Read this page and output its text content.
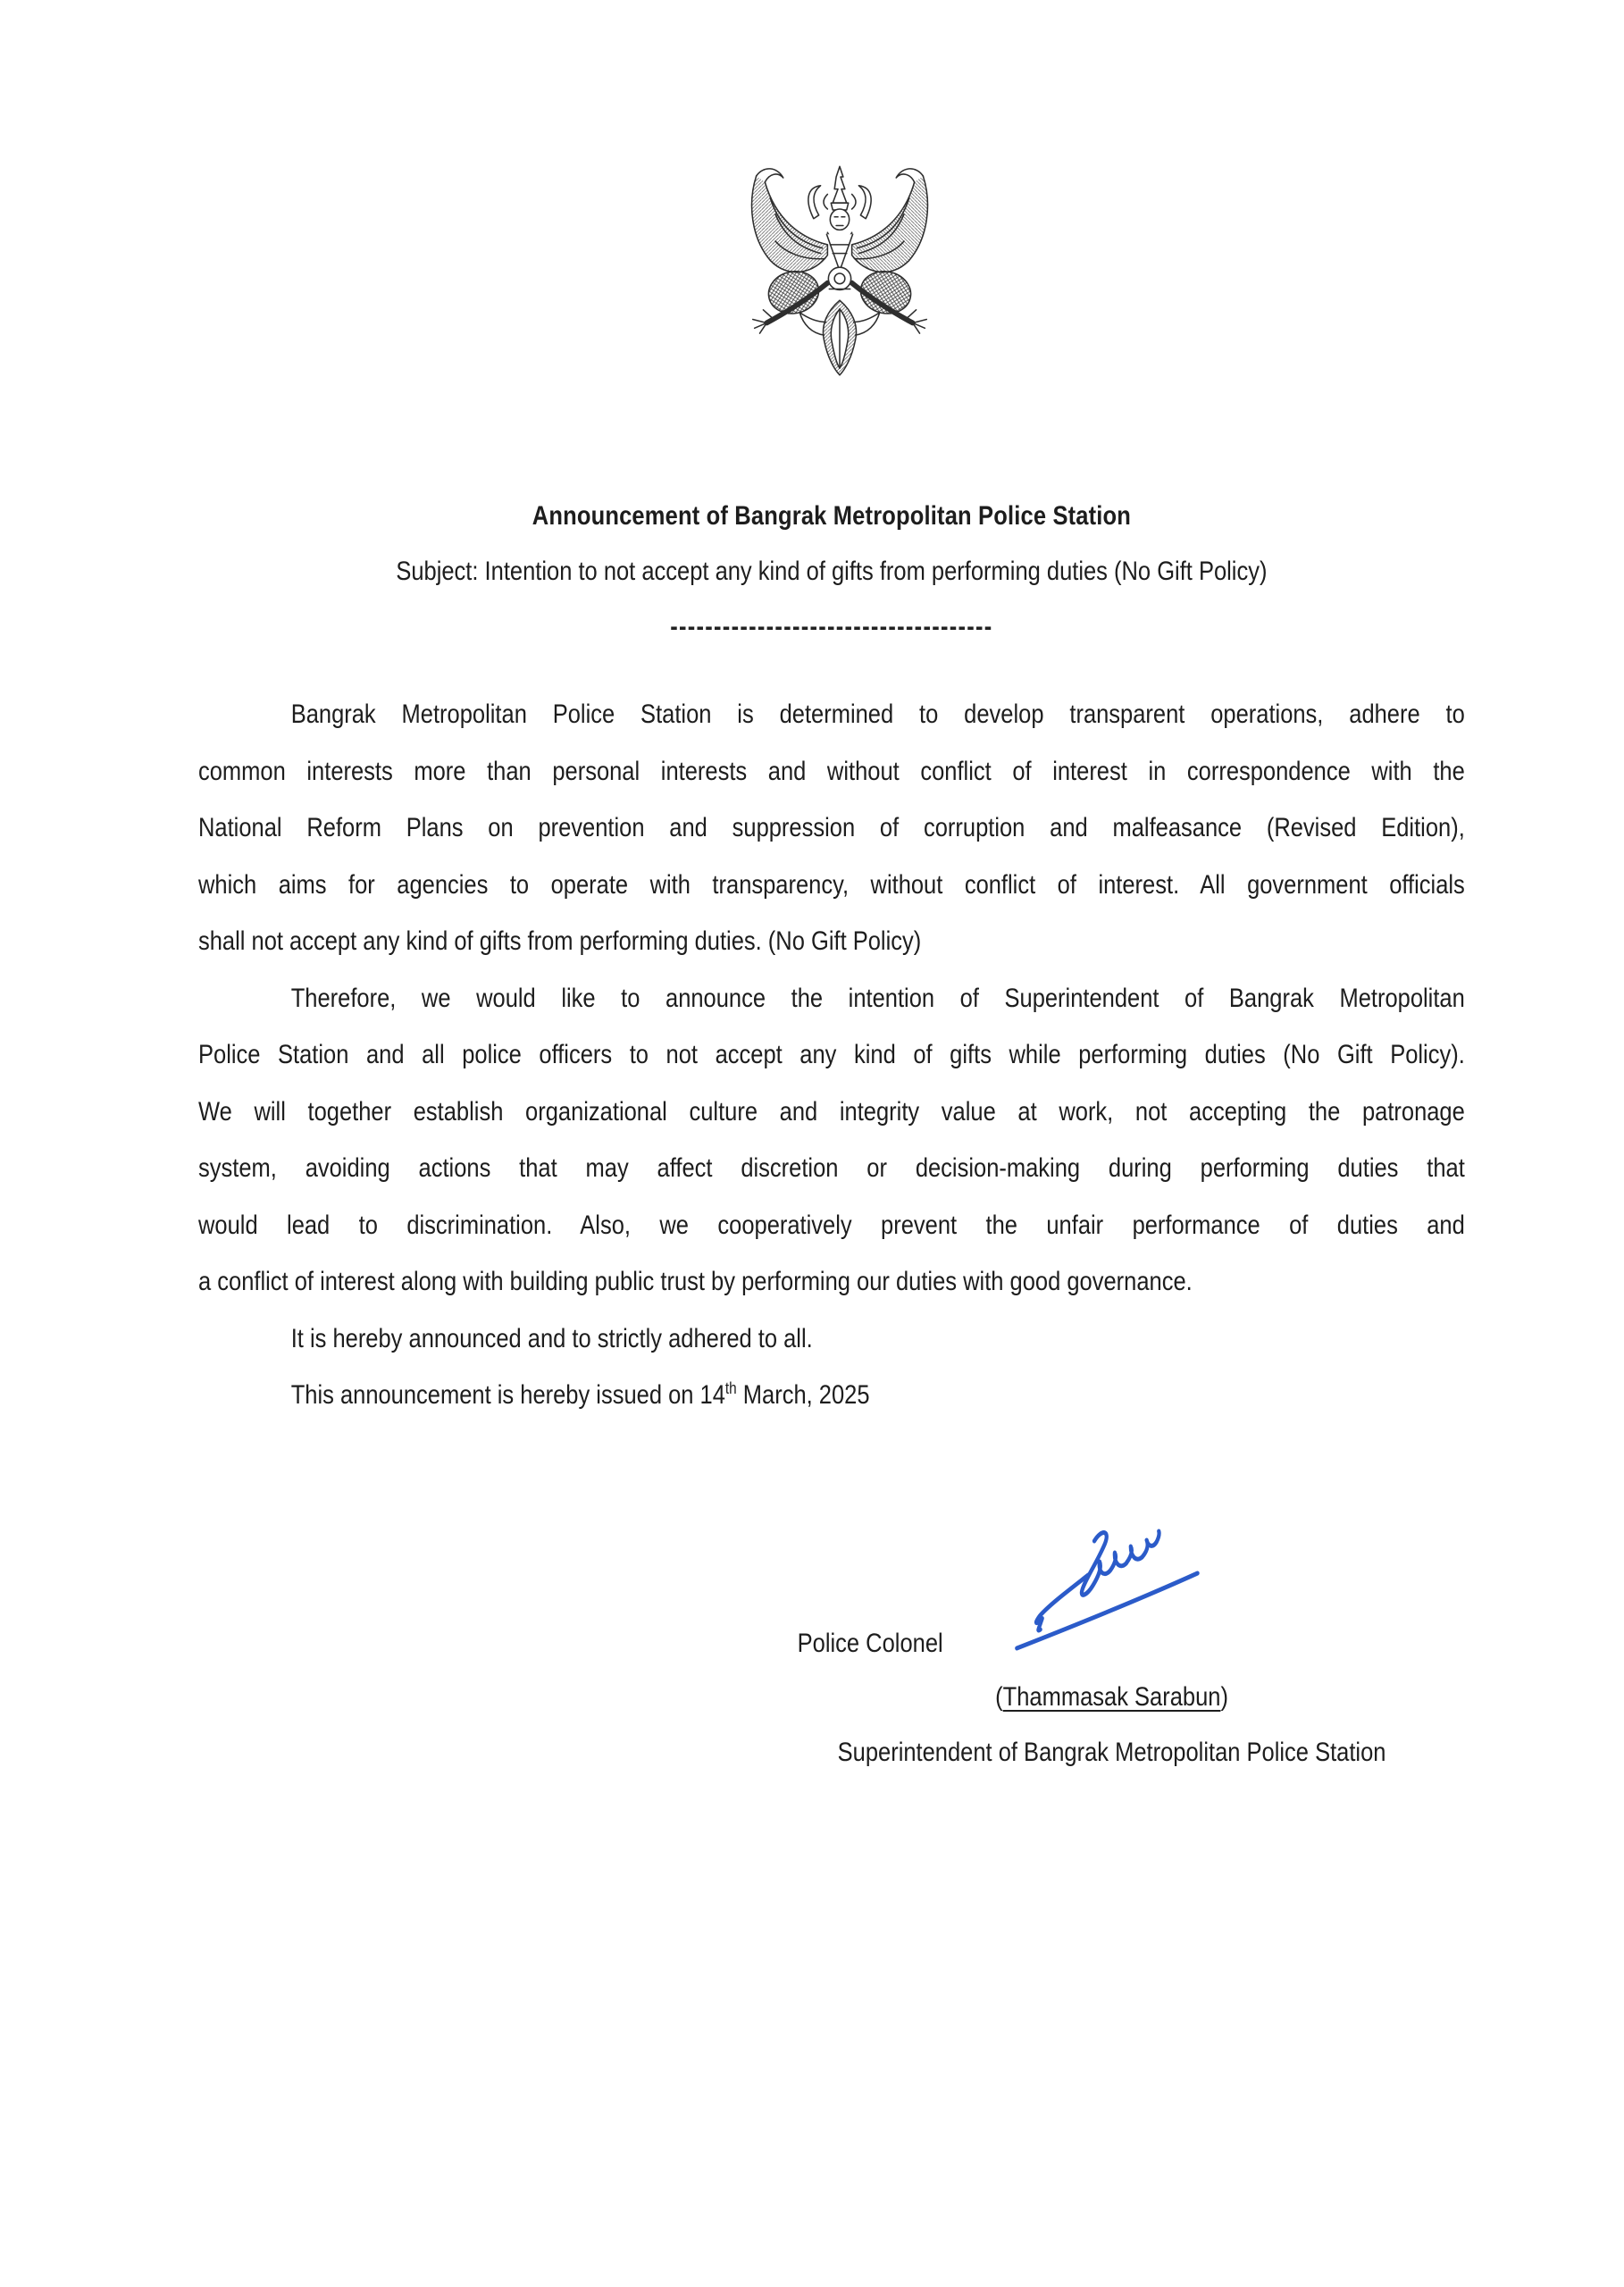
Announcement of Bangrak Metropolitan Police Station
Subject: Intention to not accept any kind of gifts from performing duties (No Gift Policy)
-------------------------------------
Bangrak Metropolitan Police Station is determined to develop transparent operations, adhere to
common interests more than personal interests and without conflict of interest in correspondence with the
National Reform Plans on prevention and suppression of corruption and malfeasance (Revised Edition),
which aims for agencies to operate with transparency, without conflict of interest. All government officials
shall not accept any kind of gifts from performing duties. (No Gift Policy)
Therefore, we would like to announce the intention of Superintendent of Bangrak Metropolitan
Police Station and all police officers to not accept any kind of gifts while performing duties (No Gift Policy).
We will together establish organizational culture and integrity value at work, not accepting the patronage
system, avoiding actions that may affect discretion or decision-making during performing duties that
would lead to discrimination. Also, we cooperatively prevent the unfair performance of duties and
a conflict of interest along with building public trust by performing our duties with good governance.
It is hereby announced and to strictly adhered to all.
This announcement is hereby issued on 14th March, 2025
Police Colonel
(Thammasak Sarabun)
Superintendent of Bangrak Metropolitan Police Station
